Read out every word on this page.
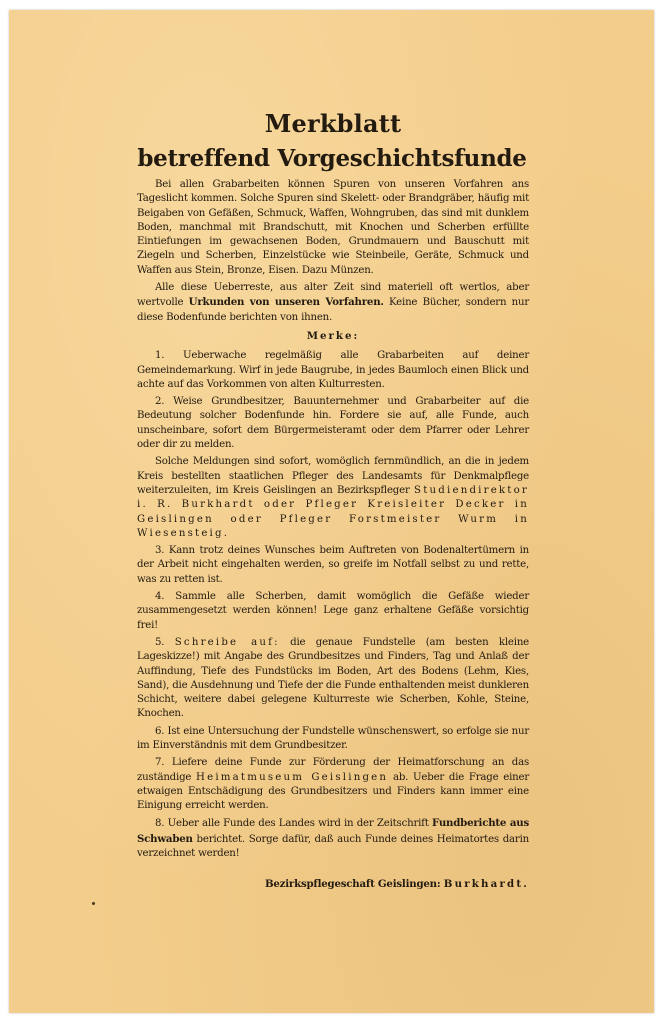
Merkblatt
betreffend Vorgeschichtsfunde

Bei allen Grabarbeiten können Spuren von unseren Vorfahren ans Tageslicht kommen. Solche Spuren sind Skelett- oder Brandgräber, häufig mit Beigaben von Gefäßen, Schmuck, Waffen, Wohngruben, das sind mit dunklem Boden, manchmal mit Brandschutt, mit Knochen und Scherben erfüllte Eintiefungen im gewachsenen Boden, Grundmauern und Bauschutt mit Ziegeln und Scherben, Einzelstücke wie Steinbeile, Geräte, Schmuck und Waffen aus Stein, Bronze, Eisen. Dazu Münzen.

Alle diese Ueberreste, aus alter Zeit sind materiell oft wertlos, aber wertvolle Urkunden von unseren Vorfahren. Keine Bücher, sondern nur diese Bodenfunde berichten von ihnen.

Merke:

1. Ueberwache regelmäßig alle Grabarbeiten auf deiner Gemeindemarkung. Wirf in jede Baugrube, in jedes Baumloch einen Blick und achte auf das Vorkommen von alten Kulturresten.

2. Weise Grundbesitzer, Bauunternehmer und Grabarbeiter auf die Bedeutung solcher Bodenfunde hin. Fordere sie auf, alle Funde, auch unscheinbare, sofort dem Bürgermeisteramt oder dem Pfarrer oder Lehrer oder dir zu melden.

Solche Meldungen sind sofort, womöglich fernmündlich, an die in jedem Kreis bestellten staatlichen Pfleger des Landesamts für Denkmalpflege weiterzuleiten, im Kreis Geislingen an Bezirkspfleger Studiendirektor i. R. Burkhardt oder Pfleger Kreisleiter Decker in Geislingen oder Pfleger Forstmeister Wurm in Wiesensteig.

3. Kann trotz deines Wunsches beim Auftreten von Bodenaltertümern in der Arbeit nicht eingehalten werden, so greife im Notfall selbst zu und rette, was zu retten ist.

4. Sammle alle Scherben, damit womöglich die Gefäße wieder zusammengesetzt werden können! Lege ganz erhaltene Gefäße vorsichtig frei!

5. Schreibe auf: die genaue Fundstelle (am besten kleine Lageskizze!) mit Angabe des Grundbesitzes und Finders, Tag und Anlaß der Auffindung, Tiefe des Fundstücks im Boden, Art des Bodens (Lehm, Kies, Sand), die Ausdehnung und Tiefe der die Funde enthaltenden meist dunkleren Schicht, weitere dabei gelegene Kulturreste wie Scherben, Kohle, Steine, Knochen.

6. Ist eine Untersuchung der Fundstelle wünschenswert, so erfolge sie nur im Einverständnis mit dem Grundbesitzer.

7. Liefere deine Funde zur Förderung der Heimatforschung an das zuständige Heimatmuseum Geislingen ab. Ueber die Frage einer etwaigen Entschädigung des Grundbesitzers und Finders kann immer eine Einigung erreicht werden.

8. Ueber alle Funde des Landes wird in der Zeitschrift Fundberichte aus Schwaben berichtet. Sorge dafür, daß auch Funde deines Heimatortes darin verzeichnet werden!

Bezirkspflegeschaft Geislingen: Burkhardt.
